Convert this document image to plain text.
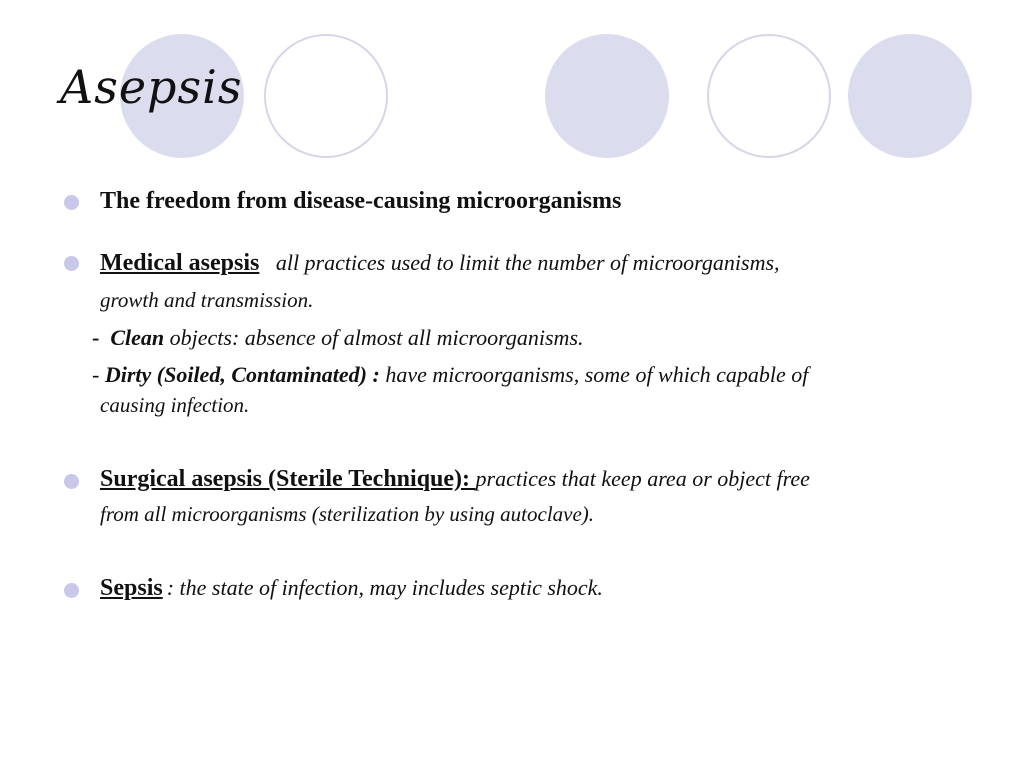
Asepsis
The freedom from disease-causing microorganisms
Medical asepsis all practices used to limit the number of microorganisms,
growth and transmission.
- Clean objects: absence of almost all microorganisms.
- Dirty (Soiled, Contaminated) : have microorganisms, some of which capable of
causing infection.
Surgical asepsis (Sterile Technique): practices that keep area or object free
from all microorganisms (sterilization by using autoclave).
Sepsis : the state of infection, may includes septic shock.
